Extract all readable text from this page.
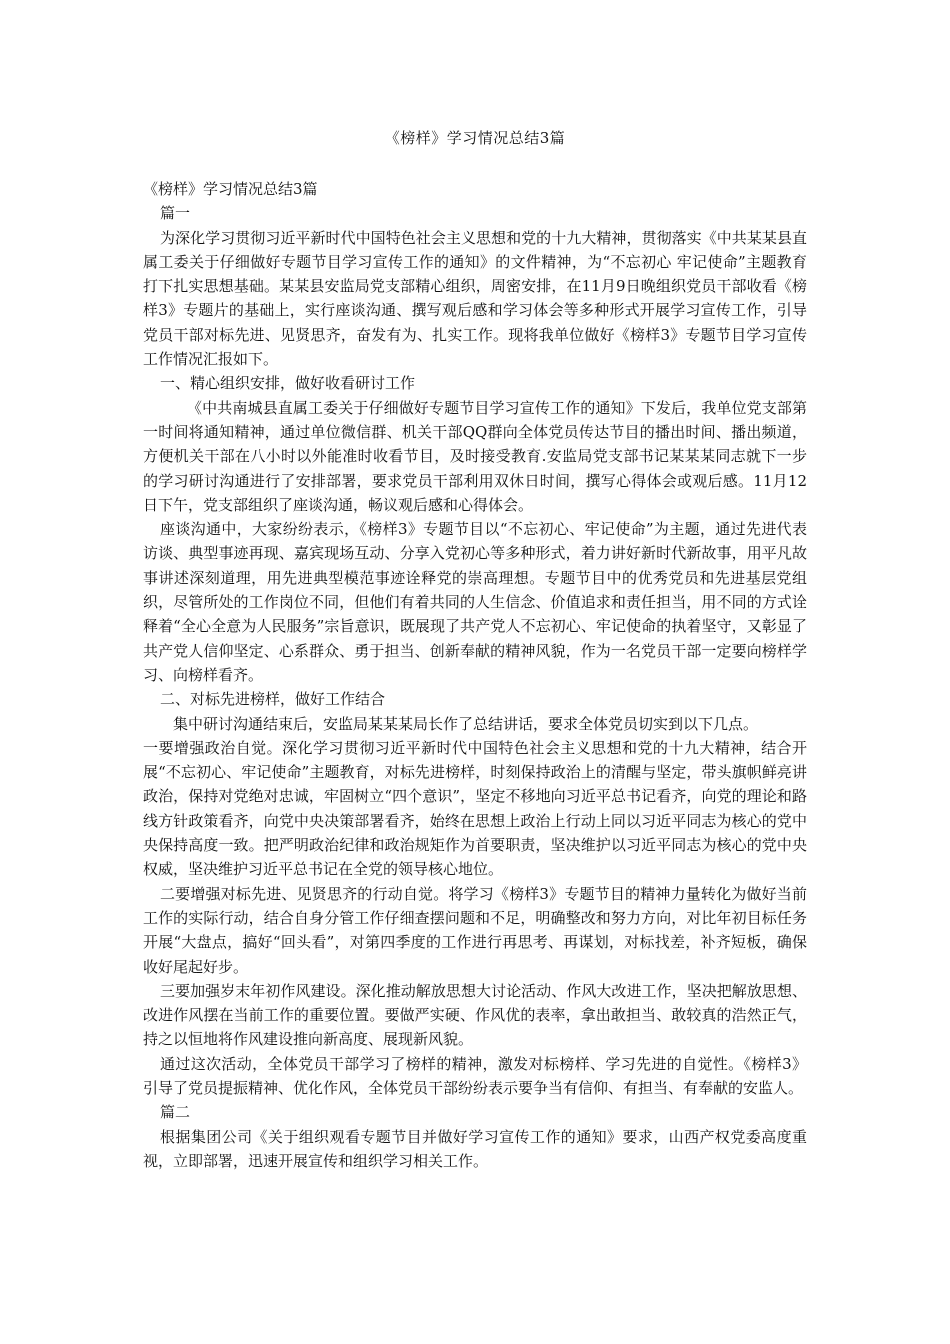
《榜样》学习情况总结3篇

《榜样》学习情况总结3篇

篇一

为深化学习贯彻习近平新时代中国特色社会主义思想和党的十九大精神，贯彻落实《中共某某县直属工委关于仔细做好专题节目学习宣传工作的通知》的文件精神，为“不忘初心 牢记使命”主题教育打下扎实思想基础。某某县安监局党支部精心组织，周密安排，在11月9日晚组织党员干部收看《榜样3》专题片的基础上，实行座谈沟通、撰写观后感和学习体会等多种形式开展学习宣传工作，引导党员干部对标先进、见贤思齐，奋发有为、扎实工作。现将我单位做好《榜样3》专题节目学习宣传工作情况汇报如下。

一、精心组织安排，做好收看研讨工作

《中共南城县直属工委关于仔细做好专题节目学习宣传工作的通知》下发后，我单位党支部第一时间将通知精神，通过单位微信群、机关干部QQ群向全体党员传达节目的播出时间、播出频道，方便机关干部在八小时以外能准时收看节目，及时接受教育.安监局党支部书记某某某同志就下一步的学习研讨沟通进行了安排部署，要求党员干部利用双休日时间，撰写心得体会或观后感。11月12日下午，党支部组织了座谈沟通，畅议观后感和心得体会。

座谈沟通中，大家纷纷表示，《榜样3》专题节目以“不忘初心、牢记使命”为主题，通过先进代表访谈、典型事迹再现、嘉宾现场互动、分享入党初心等多种形式，着力讲好新时代新故事，用平凡故事讲述深刻道理，用先进典型模范事迹诠释党的崇高理想。专题节目中的优秀党员和先进基层党组织，尽管所处的工作岗位不同，但他们有着共同的人生信念、价值追求和责任担当，用不同的方式诠释着“全心全意为人民服务”宗旨意识，既展现了共产党人不忘初心、牢记使命的执着坚守，又彰显了共产党人信仰坚定、心系群众、勇于担当、创新奉献的精神风貌，作为一名党员干部一定要向榜样学习、向榜样看齐。

二、对标先进榜样，做好工作结合

集中研讨沟通结束后，安监局某某某局长作了总结讲话，要求全体党员切实到以下几点。

一要增强政治自觉。深化学习贯彻习近平新时代中国特色社会主义思想和党的十九大精神，结合开展“不忘初心、牢记使命”主题教育，对标先进榜样，时刻保持政治上的清醒与坚定，带头旗帜鲜亮讲政治，保持对党绝对忠诚，牢固树立“四个意识”，坚定不移地向习近平总书记看齐，向党的理论和路线方针政策看齐，向党中央决策部署看齐，始终在思想上政治上行动上同以习近平同志为核心的党中央保持高度一致。把严明政治纪律和政治规矩作为首要职责，坚决维护以习近平同志为核心的党中央权威，坚决维护习近平总书记在全党的领导核心地位。

二要增强对标先进、见贤思齐的行动自觉。将学习《榜样3》专题节目的精神力量转化为做好当前工作的实际行动，结合自身分管工作仔细查摆问题和不足，明确整改和努力方向，对比年初目标任务开展“大盘点，搞好“回头看”，对第四季度的工作进行再思考、再谋划，对标找差，补齐短板，确保收好尾起好步。

三要加强岁末年初作风建设。深化推动解放思想大讨论活动、作风大改进工作，坚决把解放思想、改进作风摆在当前工作的重要位置。要做严实硬、作风优的表率，拿出敢担当、敢较真的浩然正气，持之以恒地将作风建设推向新高度、展现新风貌。

通过这次活动，全体党员干部学习了榜样的精神，激发对标榜样、学习先进的自觉性。《榜样3》引导了党员提振精神、优化作风，全体党员干部纷纷表示要争当有信仰、有担当、有奉献的安监人。

篇二

根据集团公司《关于组织观看专题节目并做好学习宣传工作的通知》要求，山西产权党委高度重视，立即部署，迅速开展宣传和组织学习相关工作。
